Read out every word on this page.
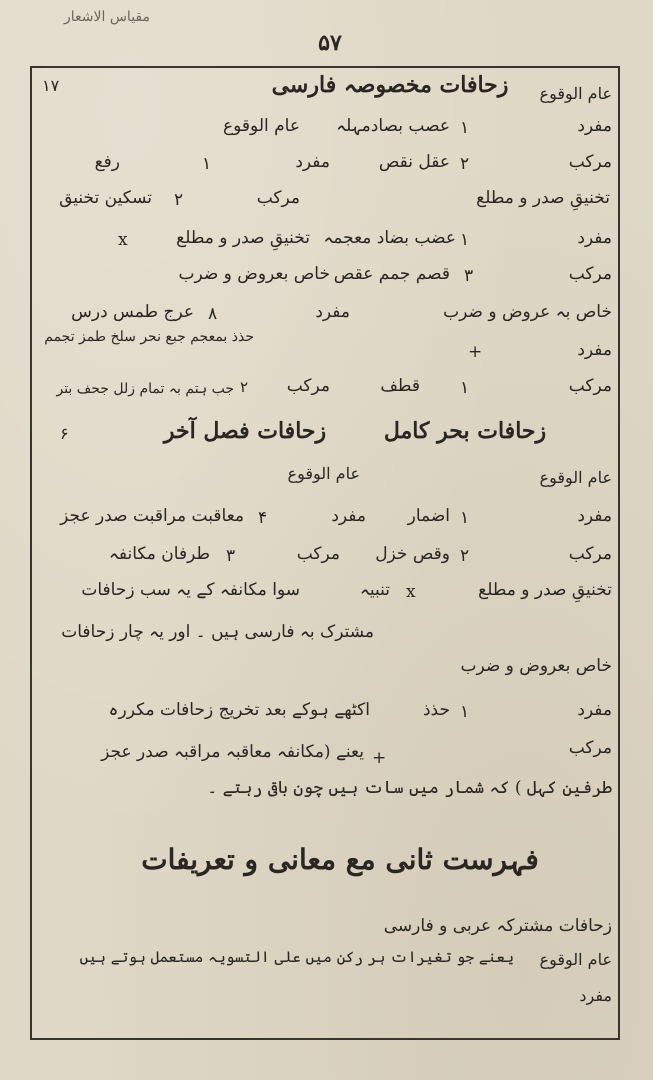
مقیاس الاشعار
۵۷
زحافات مخصوصہ فارسی
۱۷	عام الوقوع
مفرد
۱
عصب بصادمہلہ
عام الوقوع
مرکب
۲
عقل نقص
مفرد
۱
رفع
تخنیقِ صدر و مطلع
مرکب
۲
تسکین تخنیق
مفرد
۱
عضب بضاد معجمہ
تخنیقِ صدر و مطلع
x
مرکب
۳
قصم جمم عقص
خاص بعروض و ضرب
خاص بہ عروض و ضرب
مفرد
۸
عرج طمس درس
مفرد
+
حذذ بمعجم جبع نحر سلخ طمز تجمم
مرکب
۱
قطف
مرکب
۲
جب ہتم بہ تمام زلل جحف بتر
زحافات بحر کامل
زحافات فصل آخر
۶
عام الوقوع
عام الوقوع
مفرد
۱
اضمار
مفرد
۴
معاقبت مراقبت صدر عجز
مرکب
۲
وقص خزل
مرکب
۳
طرفان مکانفہ
تخنیقِ صدر و مطلع
x
تنبیہ
سوا مکانفہ کے یہ سب زحافات
خاص بعروض و ضرب
مشترک بہ فارسی ہیں ۔ اور یہ چار زحافات
مفرد
۱
حذذ
اکٹھے ہوکے بعد تخریج زحافات مکررہ
مرکب
+
یعنے (مکانفہ معاقبہ مراقبہ صدر عجز
طرفین کہل ) کہ شمار میں سات ہیں چون باقی رہتے ۔
فہرست ثانی مع معانی و تعریفات
زحافات مشترکہ عربی و فارسی
عام الوقوع
یعنے جو تغیرات ہر رکن میں علی التسویہ مستعمل ہوتے ہیں
مفرد
